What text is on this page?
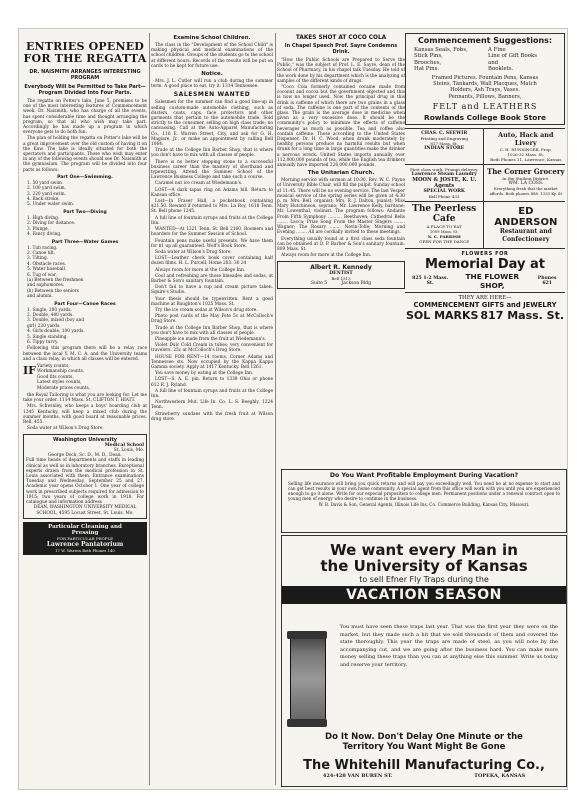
ENTRIES OPENED FOR THE REGATTA
DR. NAISMITH ARRANGES INTERESTING PROGRAM
Everybody Will be Permitted to Take Part—Program Divided Into Four Parts.

The regatta on Potter's lake, June 5, promises to be one of the most interesting features of Commencement week. Dr. Naismith, who has charge of all the events, has spent considerable time and thought arranging the program, so that all who wish may take part. Accordingly he has made up a program in which everyone gets to do both fun.

The plan of holding the regatta on Potter's lake will be a great improvement over the old custom of having it on the Kaw. The lake is ideally situated for both the spectators and participants. Those who wish may enter in any of the following events should see Dr. Naismith at the gymnasium. The program will be divided into four parts as follows:

Part One—Swimming.
1. 50 yard swim.
2. 100 yard swim.
3. 220 yard swim.
4. Back stroke.
5. Under water swim.
Part Two—Diving
1. High diving.
2. Diving for distance.
3. Plunge.
4. Fancy diving.
Part Three—Water Games
1. Tub racing.
2. Canoe tilt.
3. Tilting.
4. Obstacle races.
5. Water baseball.
6. Tug of war.
(a) Between the freshmen
and sophomores.
(b) Between the seniors
and alumni.
Part Four—Canoe Races
1. Single, 200 yards.
2. Double, 440 yards.
3. Double, mixed (boy and
girl) 220 yards.
4. Girls double, 100 yards.
5. Single standing.
6. Tippy turvy.

Following this program there will be a relay race between the local Y. M. C. A. and the University teams and a class relay, in which all classes will be entered.

IF Variety counts,
Workmanship counts,
Good fits counts,
Latest styles counts,
Moderate prices counts,

the Royal Tailoring is what you are looking for. Let me take your order. 1114 Mass. St. CLIFTON T. HIATT.

Mrs. Schwinley, who keeps a boys' boarding club at 1245 Kentucky, will keep a mixed club during the summer months, with good board at reasonable prices. Bell, 455.

Soda water at Wilson's Drug Store.

Washington University
Medical School
St. Louis, Mo.
George Dock, Sc. D., M. D., Dean.
Full time heads of departments and staffs in leading clinical as well as in laboratory branches. Exceptional experts drawn from the medical profession in St. Louis associated with them. Entrance examinations Tuesday and Wednesday, September 25 and 27. Academic year opens October 1. One year of college work in prescribed subjects required for admission to 1915; two years of college work in 1918. For catalogue and information address
DEAN, WASHINGTON UNIVERSITY MEDICAL SCHOOL, 4595 Locust Street, St. Louis, Mo.
Particular Cleaning and
Pressing
FOR PARTICULAR PEOPLE
Lawrence Pantatorium
17 W. Warren Both Phones 140
Examine School Children.

The class in the "Development of the School Child" is making physical and medical examinations of the school children. Groups of the students go to the school at different hours. Records of the results will be put on cards to be kept for future use.

Notice.

Mrs. J. L. Cutler will run a club during the summer term. A good place to eat, try it. 1314 Tennessee.

SALESMEN WANTED

Salesmen for the summer can find a good line-up in selling custom-made automobile clothing, such as dusters, coats, caps, face protectors and other garments that pertain to the automobile trade. Sold strictly to the consumer, selling on high class trade; no canvassing. Call at the Auto-Apparel Manufacturing Co., 116 E. Warren Street, City, and ask for G. H. Magiare, Jr., or make an appointment by calling Bell 1064.

Trade at the College Inn Barber Shop, that is where you don't have to mix with all classes of people.

There is no better stepping stone to a successful business career than the mastery of shorthand and typewriting. Attend the Summer School of the Lawrence Business College and take such a course.

Caramel nut ice cream at Wiedemann's.

LOST—A dark tapas ring on Adams hill. Return to Kansan office.

Lost—In Fraser Hall, a pocketbook containing $21.50. Reward if returned to Mrs. La Roy, 1618 Tenn. St. Bell phone 1245.

A full line of fountain syrups and fruits at the College Inn.

WANTED—At 1221 Tenn. St. Bell 2160. Roomers and boarders for the Summer Session of School.

Fountain pens make useful presents. We have them for $1 up all guaranteed. Wolf's Book Store.

Soda water at Wilson's Drug Store.

LOST—Leather check book cover containing half dozen films. H. L. Purcell. Home 283. 30 24

Always room for more at the College Inn.

Cool and refreshing are those limeades and sodas, at Barber & Son's sanitary fountain.

Don't fail to have a cup and cream picture taken. Squire's Studio.

Your thesis should be typewritten. Rent a good machine at Baughton's 1025 Mass. St.

Try the ice cream sodas at Wilson's drug store.

Photo post cards of the May Fete 5c at McColloch's Drug Store.

Trade at the College Inn Barber Shop, that is where you don't have to mix with all classes of people.

Pineapple ice made from the fruit at Wiedemann's.

Violet Dulc Cold Cream in tubes; very convenient for travelers. 25c at McColloch's Drug Store.

HOUSE FOR RENT—14 rooms, Corner Adams and Tennessee sts. Now occupied by the Kappa Kappa Gamma society. Apply at 1417 Kentucky. Bell 1261.

You save money by eating at the College Inn.

LOST—S. A. E. pin. Return to 1339 Ohio or phone 612 R. J. Ryland.

A full line of fountain syrups and fruits at the College Inn.

Northwestern Mut. Life In. Co. L. S. Beeghly. 1224 Tenn.

Strawberry sundaes with the fresh fruit at Wilson drug store.

TAKES SHOT AT COCO COLA
In Chapel Speech Prof. Sayre Condemns Drink.

"How the Public Schools are Prepared to Serve the Public," was the subject of Prof. L. E. Sayre, dean of the School of Pharmacy, in his chapel talk Tuesday. He told of the work done by his department which is the analyzing of samples of the different kinds of drugs.

"Coco Cola formerly contained cocaine made from coconut and cocoa but the government objected and this is now no longer used. Now the principal drug in this drink is caffeine of which there are two grains in a glass of soda. The caffeine is one part of the contents of the glass. The grain is the average dose in medicine when given as a very excessive dose. It should be the community's policy to minimize the effects of caffeine beverages as much as possible. Tea and coffee also contain caffeine. Those according to the United States Dispenser, Dr. H. C. Wood, when drunk moderately by healthy persons produce no harmful results but when drunk for a long time in large quantities make the drinker a nervous wreck. United States imports annually over 112,000,000 pounds of tea, while the English tea drinkers annually have imported 226,000,000 pounds.

The Unitarian Church.

Morning service with sermon at 10:30, Rev. W. C. Payne of University Bible Chair, will fill the pulpit. Sunday school at 11:45. There will be no evening service. The last Vesper musical service of the spring series will be given at 4:30 p. m. Mrs. Bell, organist; Mrs. R. J. Dalton, pianist; Miss Mary Hutchinson, soprano; Mr. Lawrence Kelly, baritone; Mr. Lowenthal, violinist. The program follows: Andante From Fifth Symphony .......... Beethoven; Cathedral Bells ........ Lacca; Prize Song From the Master Singers ........ Wagner; The Rosary ........ Nevin-Tolle; Morning and Evening ........ All are cordially invited to these meetings.

Everything usually found at a first class soda fountain can be obtained at O. P. Barber & Son's sanitary fountain. 809 Mass. St.

Always room for more at the College Inn.

Albert R. Kennedy
DENTIST
Bell 1513
Suite 5          Jackson Bldg
Commencement Suggestions:
Kansas Seals, Fobs,
Stick Pins,
Brooches,
Hat Pins.
A Fine
Line of Gift Books
and
Booklets.
Framed Pictures. Fountain Pens, Kansas
Steins, Tankards, Wall Placques, Match
Holders, Ash Trays, Vases.
Pennants, Pillows, Banners,
FELT and LEATHERS
Rowlands College Book Store
CHAS. C. SEEWIR
Printing and Engraving
817 Mass. St.
INDIAN STORE
Auto, Hack and Livery
C. H. HUNSINGER, Prop.
1026-32 Mass. St.
Both Phones 11. Lawrence, Kansas
First class work. Prompt delivery.
Lawrence Steam Laundry
MOON & JOSTE, K. U. Agents
SPECIAL WORK
Bell Phone 433
The Corner Grocery
In the Student District.
WM. LA COSS.
Everything fresh that the market affords. Both phones 888. 1333 Ky. St
The Peerless Cafe
A PLACE TO EAT
1009 Mass. St.
N. C. PARRISH
OPEN FOR THE DANCE
ED ANDERSON
Restaurant and Confectionery
FLOWERS FOR
Memorial Day at
825 1-2 Mass. St.
THE FLOWER SHOP,
Phones 621
THEY ARE HERE—
COMMENCEMENT GIFTS and JEWELRY
SOL MARKS 817 Mass. St.
Do You Want Profitable Employment During Vacation?
Selling life insurance will bring you quick returns and will pay you exceedingly well. You need be at no expense to start and can get best results in your own home community. A special agent from this office will work with you until you are experienced enough to go it alone. Write for our especial proposition to college men. Permanent positions under a renewal contract open to young men of energy who desire to continue in the business.
W. B. Davis & Son, General Agents, Illinois Life Ins. Co. Commerce Building, Kansas City, Missouri.
We want every Man in
the University of Kansas
to sell Efner Fly Traps during the
VACATION SEASON
You must have seen these traps last year. That was the first year they were on the market, but they made such a hit that we sold thousands of them and covered the state thoroughly. This year the traps are made of steel, as you will note by the accompanying cut, and we are going after the business hard. You can make more money selling these traps than you can at anything else this summer. Write us today and reserve your territory.
Do It Now. Don't Delay One Minute or the
Territory You Want Might Be Gone
The Whitehill Manufacturing Co.,
424-428 VAN BUREN ST.	TOPEKA, KANSAS
